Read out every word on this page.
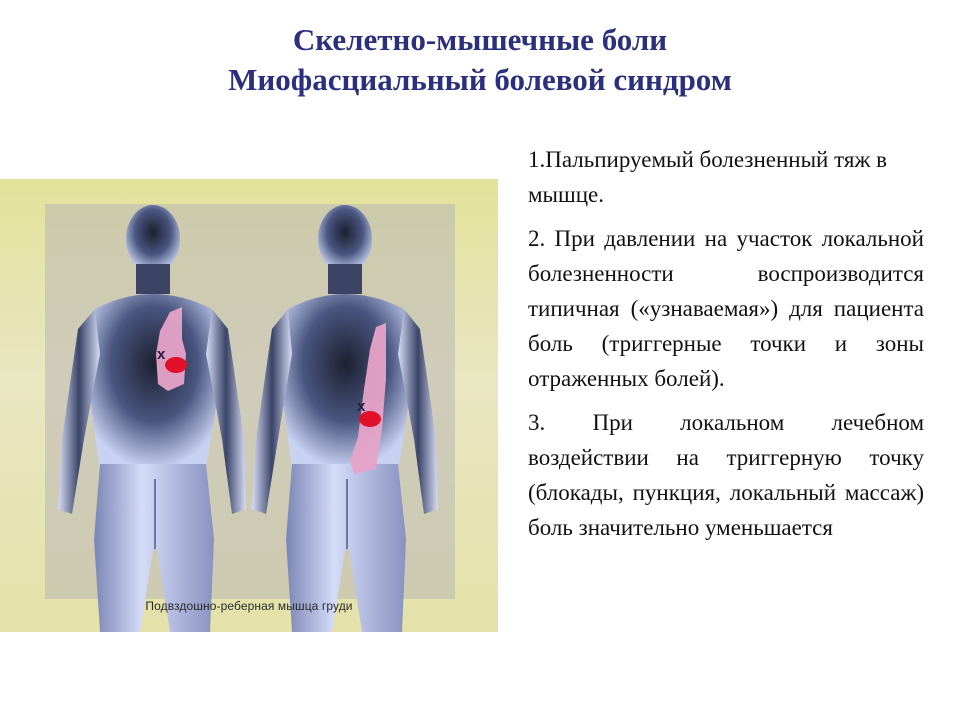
Скелетно-мышечные боли
Миофасциальный болевой синдром
x
x
Подвздошно-реберная мышца груди

1.Пальпируемый болезненный тяж в мышце.

2. При давлении на участок локальной болезненности воспроизводится типичная («узнаваемая») для пациента боль (триггерные точки и зоны отраженных болей).

3. При локальном лечебном воздействии на триггерную точку (блокады, пункция, локальный массаж) боль значительно уменьшается
